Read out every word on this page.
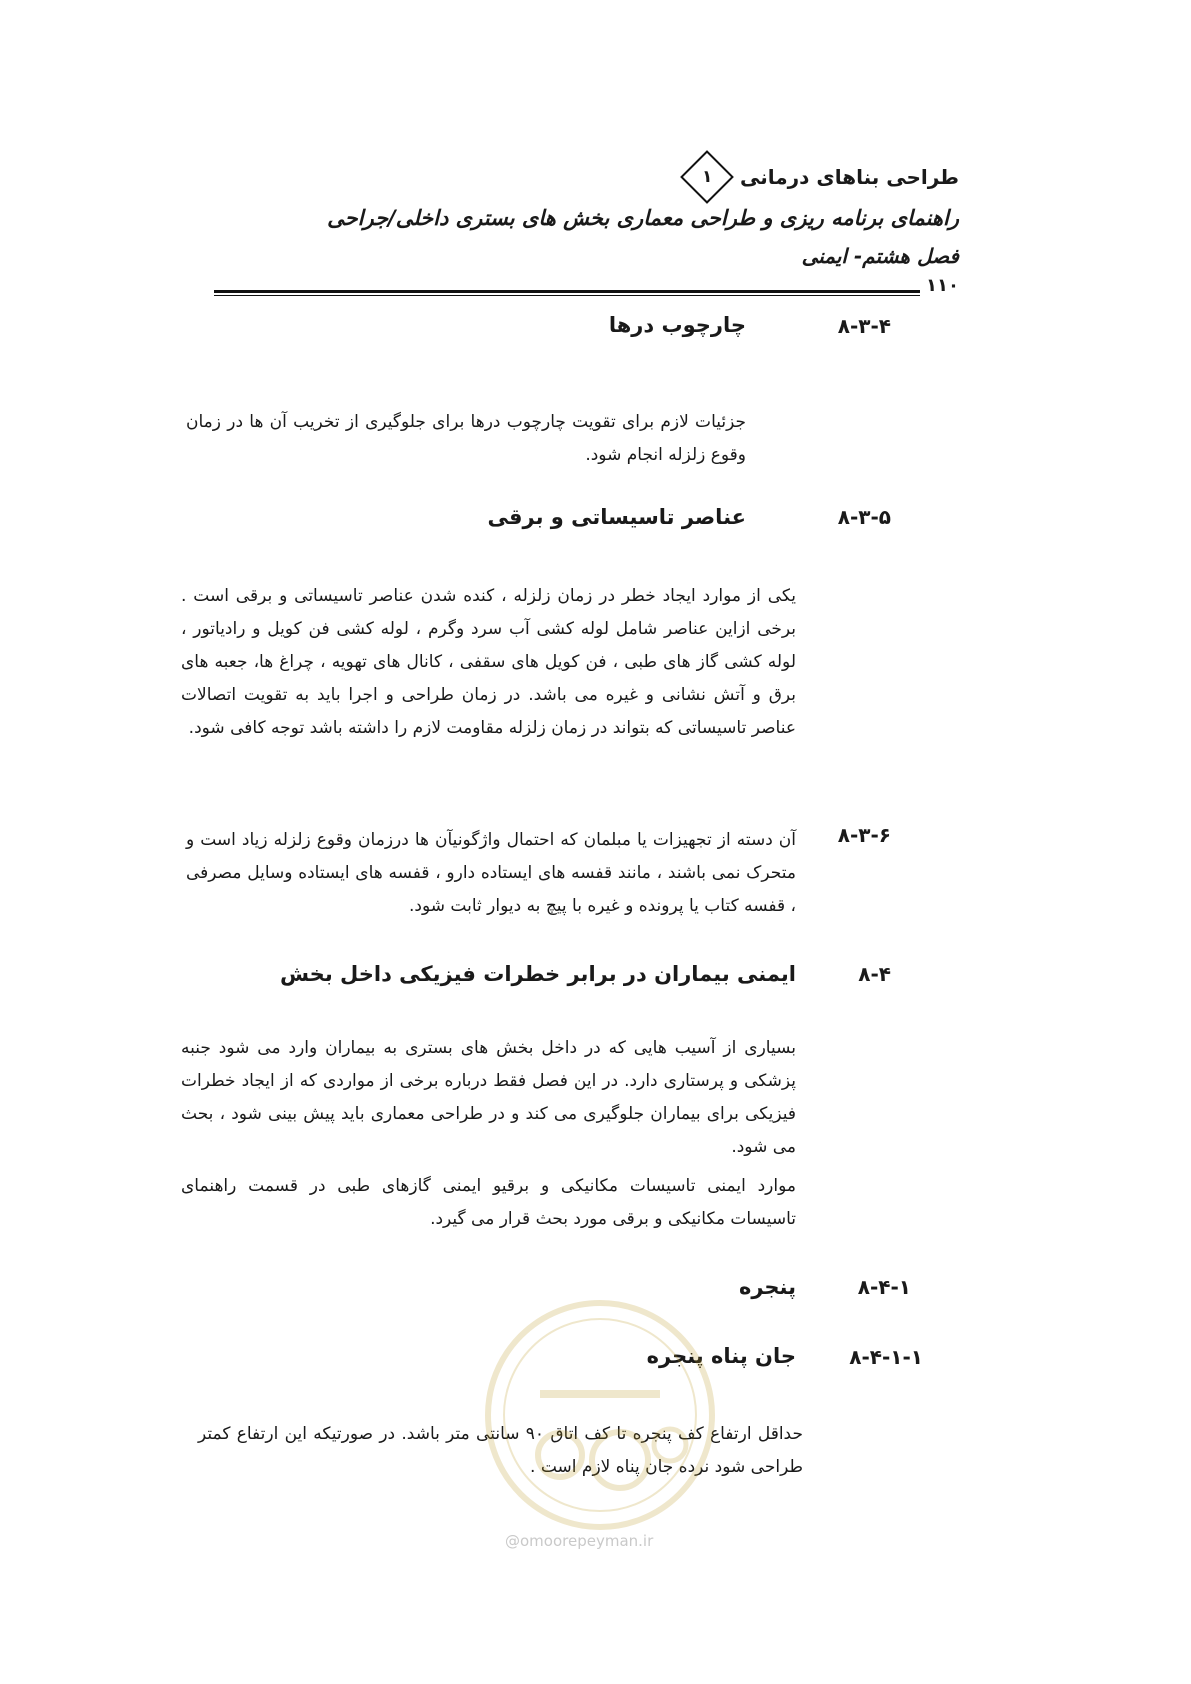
طراحی بناهای درمانی
۱
راهنمای برنامه ریزی و طراحی معماری بخش های بستری داخلی/جراحی
فصل هشتم- ایمنی
۱۱۰
۸-۳-۴
چارچوب درها
جزئیات لازم برای تقویت چارچوب درها برای جلوگیری از تخریب آن ها در زمان وقوع زلزله انجام شود.
۸-۳-۵
عناصر تاسیساتی و برقی
یکی از موارد ایجاد خطر در زمان زلزله ، کنده شدن عناصر تاسیساتی و برقی است . برخی ازاین عناصر شامل لوله کشی آب سرد وگرم ، لوله کشی فن کویل و رادیاتور ، لوله کشی گاز های طبی ، فن کویل های سقفی ، کانال های تهویه ، چراغ ها، جعبه های برق و آتش نشانی و غیره می باشد. در زمان طراحی و اجرا باید به تقویت اتصالات عناصر تاسیساتی که بتواند در زمان زلزله مقاومت لازم را داشته باشد توجه کافی شود.
۸-۳-۶
آن دسته از تجهیزات یا مبلمان که احتمال واژگونیآن ها درزمان وقوع زلزله زیاد است و متحرک نمی باشند ، مانند قفسه های ایستاده دارو ، قفسه های ایستاده وسایل مصرفی ، قفسه کتاب یا پرونده و غیره با پیچ به دیوار ثابت شود.
۸-۴
ایمنی بیماران در برابر خطرات فیزیکی داخل بخش
بسیاری از آسیب هایی که در داخل بخش های بستری به بیماران وارد می شود جنبه پزشکی و پرستاری دارد. در این فصل فقط درباره برخی از مواردی که از ایجاد خطرات فیزیکی برای بیماران جلوگیری می کند و در طراحی معماری باید پیش بینی شود ، بحث می شود.
موارد ایمنی تاسیسات مکانیکی و برقیو ایمنی گازهای طبی در قسمت راهنمای تاسیسات مکانیکی و برقی مورد بحث قرار می گیرد.
۸-۴-۱
پنجره
۸-۴-۱-۱
جان پناه پنجره
حداقل ارتفاع کف پنجره تا کف اتاق ۹۰ سانتی متر باشد. در صورتیکه این ارتفاع کمتر طراحی شود نرده جان پناه لازم است .
@omoorepeyman.ir
